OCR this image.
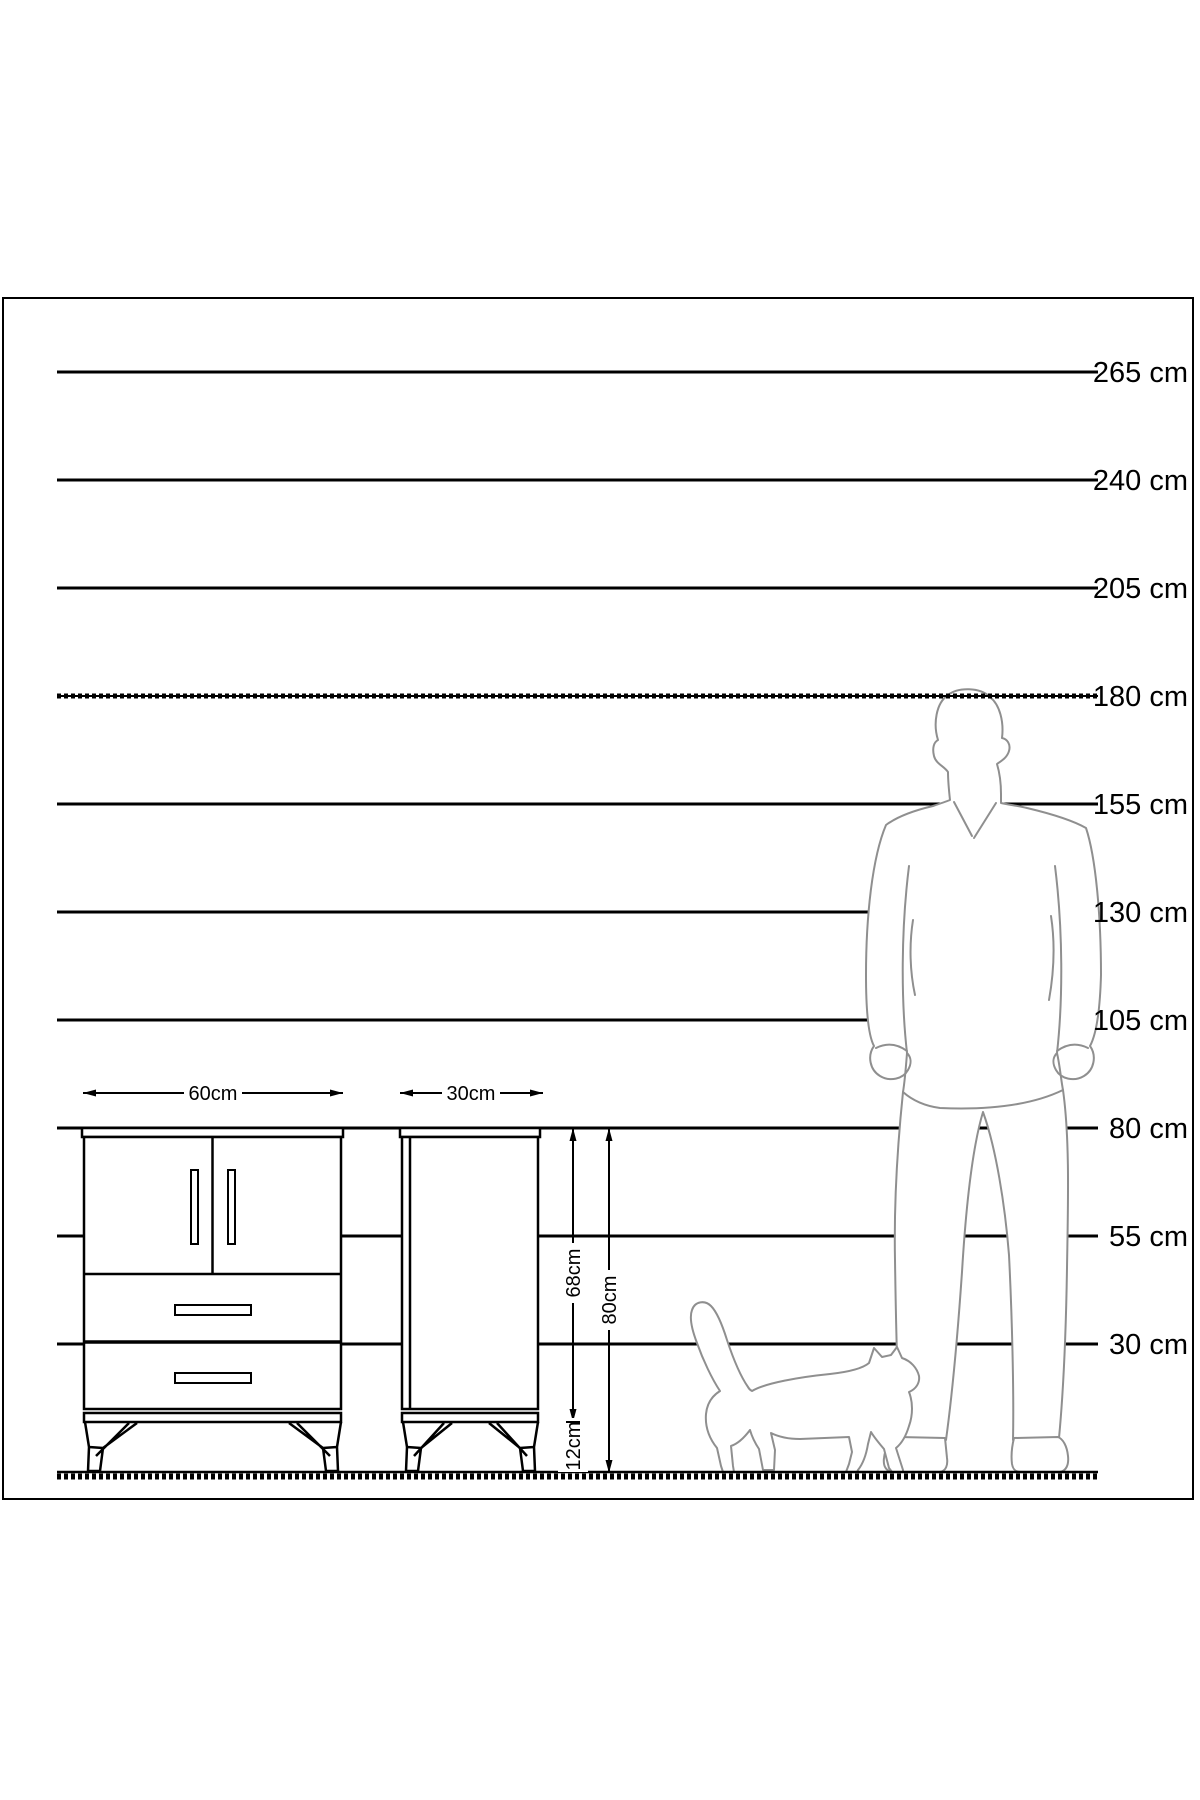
60cm	30cm
68cm
80cm
12cm
265 cm
240 cm
205 cm
180 cm
155 cm
130 cm
105 cm
80 cm
55 cm
30 cm
